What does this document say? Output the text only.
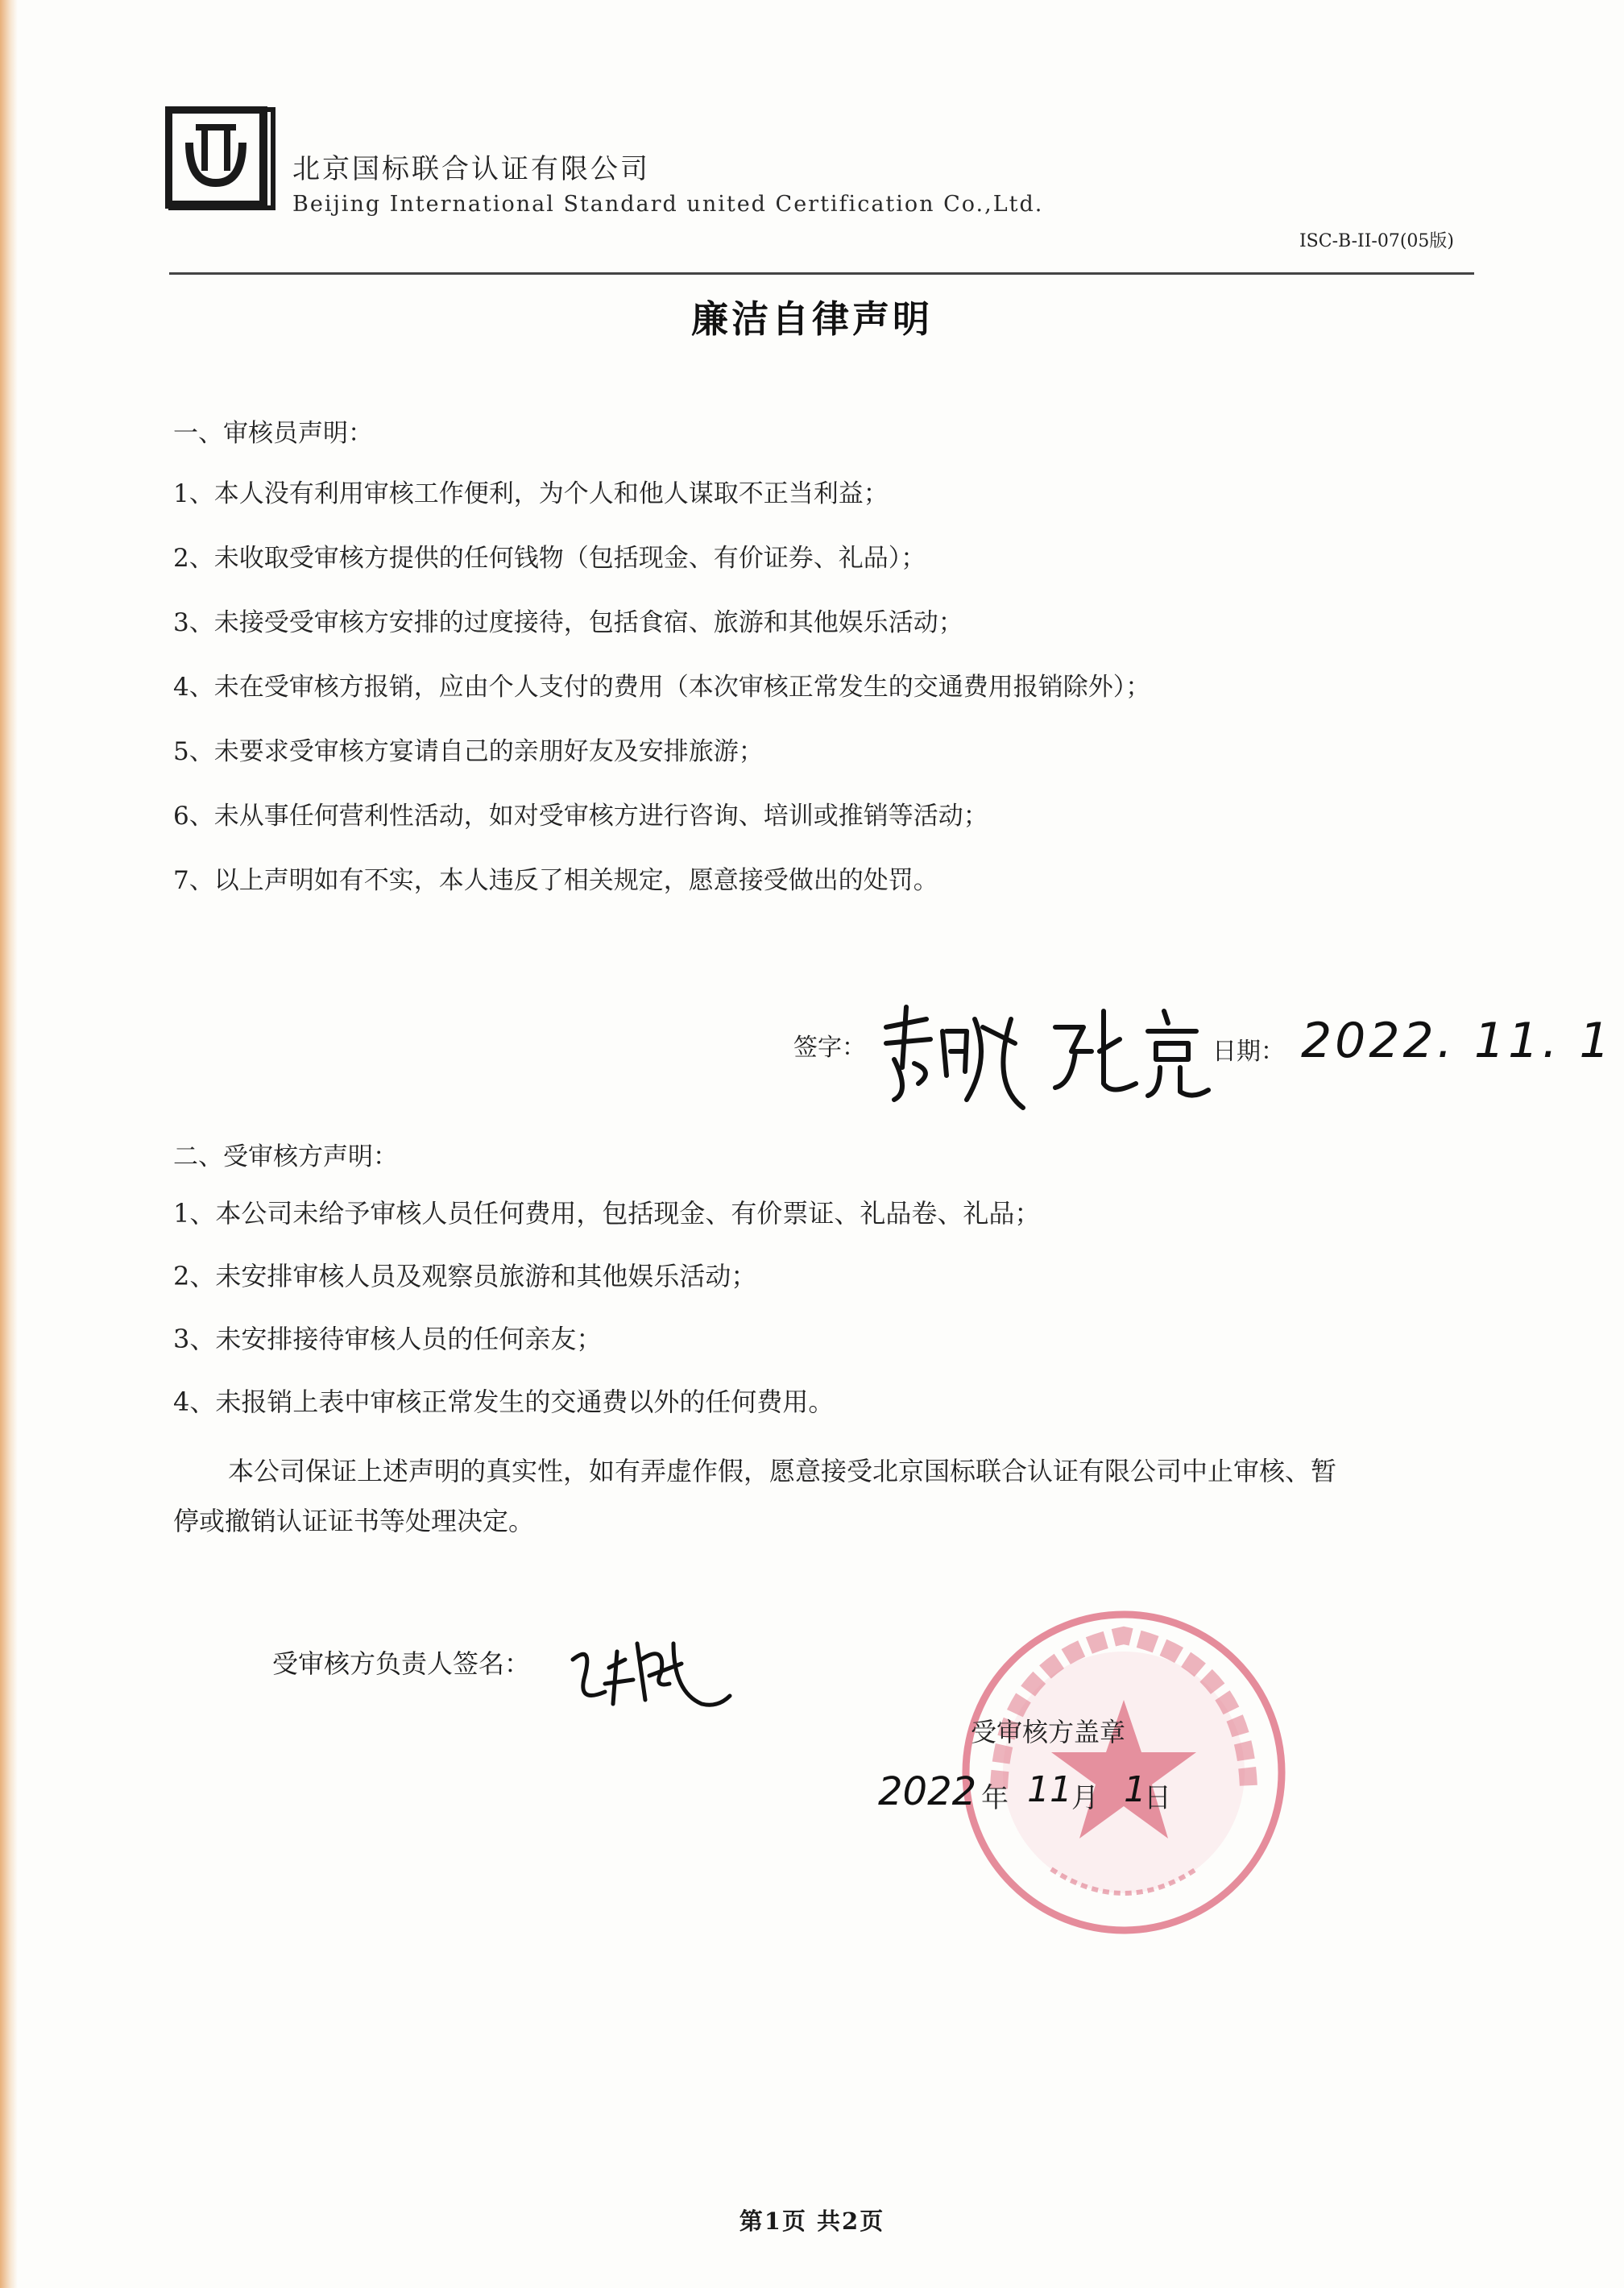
北京国标联合认证有限公司
Beijing International Standard united Certification Co.,Ltd.
ISC-B-II-07(05版)
廉洁自律声明
一、审核员声明：
1、本人没有利用审核工作便利，为个人和他人谋取不正当利益；
2、未收取受审核方提供的任何钱物（包括现金、有价证券、礼品）；
3、未接受受审核方安排的过度接待，包括食宿、旅游和其他娱乐活动；
4、未在受审核方报销，应由个人支付的费用（本次审核正常发生的交通费用报销除外）；
5、未要求受审核方宴请自己的亲朋好友及安排旅游；
6、未从事任何营利性活动，如对受审核方进行咨询、培训或推销等活动；
7、以上声明如有不实，本人违反了相关规定，愿意接受做出的处罚。
签字：	日期： 2022. 11. 1
二、受审核方声明：
1、本公司未给予审核人员任何费用，包括现金、有价票证、礼品卷、礼品；
2、未安排审核人员及观察员旅游和其他娱乐活动；
3、未安排接待审核人员的任何亲友；
4、未报销上表中审核正常发生的交通费以外的任何费用。
本公司保证上述声明的真实性，如有弄虚作假，愿意接受北京国标联合认证有限公司中止审核、暂
停或撤销认证证书等处理决定。
受审核方负责人签名：
受审核方盖章
2022 年 11 月 1
日
第1页 共2页
